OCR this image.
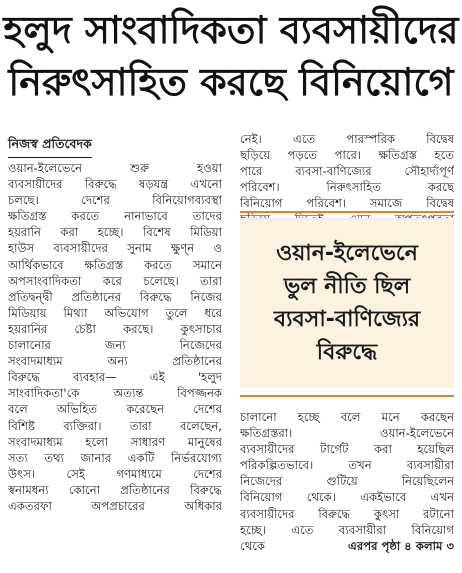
হলুদ সাংবাদিকতা ব্যবসায়ীদের
নিরুৎসাহিত করছে বিনিয়োগে
নিজস্ব প্রতিবেদক
ওয়ান-ইলেভেনে শুরু হওয়া
ব্যবসায়ীদের বিরুদ্ধে ষড়যন্ত্র এখনো
চলছে। দেশের বিনিয়োগব্যবস্থা
ক্ষতিগ্রস্ত করতে নানাভাবে তাদের
হয়রানি করা হচ্ছে। বিশেষ মিডিয়া
হাউস ব্যবসায়ীদের সুনাম ক্ষুণ্ন ও
আর্থিকভাবে ক্ষতিগ্রস্ত করতে সমানে
অপসাংবাদিকতা করে চলেছে। তারা
প্রতিদ্বন্দ্বী প্রতিষ্ঠানের বিরুদ্ধে নিজের
মিডিয়ায় মিথ্যা অভিযোগ তুলে ধরে
হয়রানির চেষ্টা করছে। কুৎসাচার
চালানোর জন্য নিজেদের
সংবাদমাধ্যম অন্য প্রতিষ্ঠানের
বিরুদ্ধে ব্যবহার— এই 'হলুদ
সাংবাদিকতা'কে অত্যন্ত বিপজ্জনক
বলে অভিহিত করেছেন দেশের
বিশিষ্ট ব্যক্তিরা। তারা বলেছেন,
সংবাদমাধ্যম হলো সাধারণ মানুষের
সত্য তথ্য জানার একটি নির্ভরযোগ্য
উৎস। সেই গণমাধ্যমে দেশের
স্বনামধন্য কোনো প্রতিষ্ঠানের বিরুদ্ধে
একতরফা অপপ্রচারের অধিকার
নেই। এতে পারস্পরিক বিদ্বেষ
ছড়িয়ে পড়তে পারে। ক্ষতিগ্রস্ত হতে
পারে ব্যবসা-বাণিজ্যের সৌহার্দ্যপূর্ণ
পরিবেশ। নিরুৎসাহিত করছে
বিনিয়োগ পরিবেশ। সমাজে বিদ্বেষ
ওয়ান-ইলেভেনে
ভুল নীতি ছিল
ব্যবসা-বাণিজ্যের
বিরুদ্ধে
চালানো হচ্ছে বলে মনে করছেন
ক্ষতিগ্রস্তরা। ওয়ান-ইলেভেনে
ব্যবসায়ীদের টার্গেট করা হয়েছিল
পরিকল্পিতভাবে। তখন ব্যবসায়ীরা
নিজেদের গুটিয়ে নিয়েছিলেন
বিনিয়োগ থেকে। একইভাবে এখন
ব্যবসায়ীদের বিরুদ্ধে কুৎসা রটানো
হচ্ছে। এতে ব্যবসায়ীরা বিনিয়োগ
থেকে	এরপর পৃষ্ঠা ৪ কলাম ৩
